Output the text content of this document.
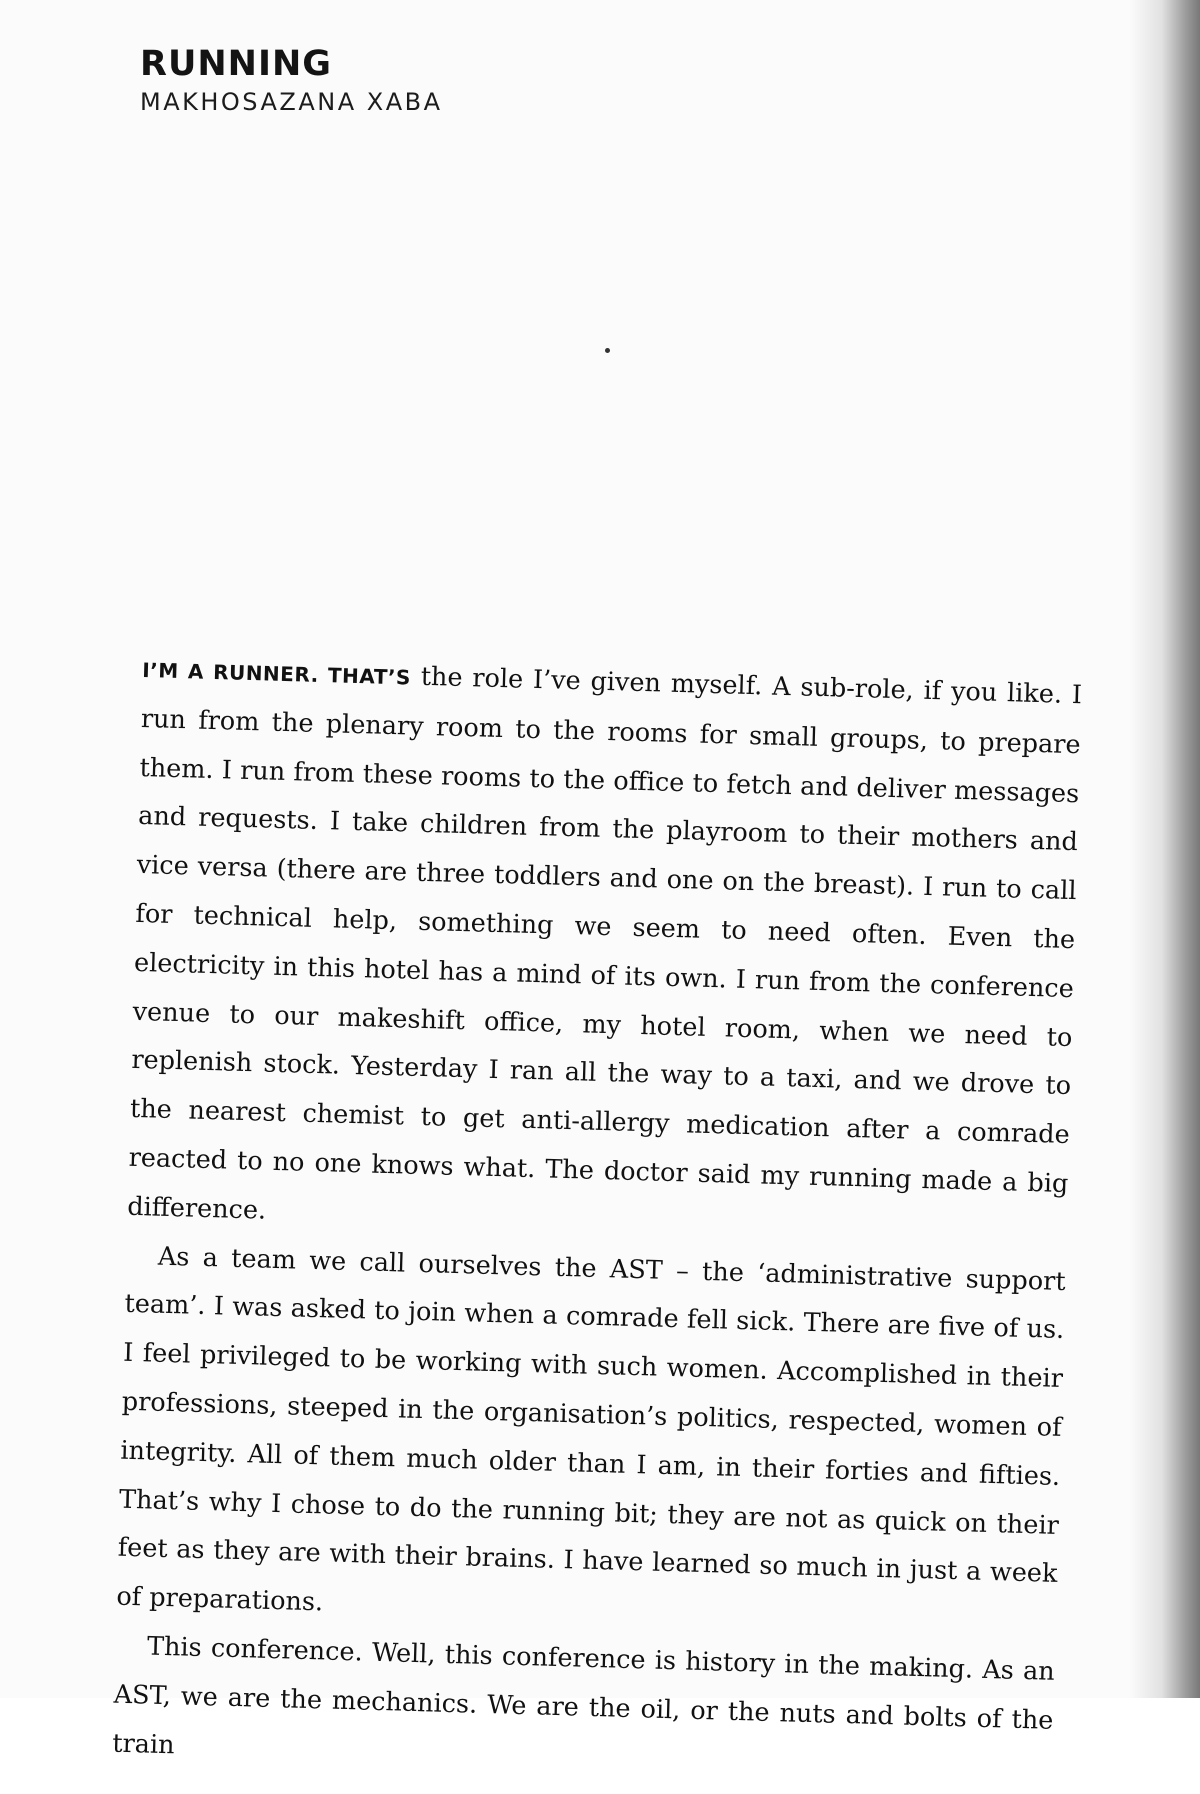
RUNNING
MAKHOSAZANA XABA

I’M A RUNNER. THAT’S the role I’ve given myself. A sub-role, if you like. I run from the plenary room to the rooms for small groups, to prepare them. I run from these rooms to the office to fetch and deliver messages and requests. I take children from the playroom to their mothers and vice versa (there are three toddlers and one on the breast). I run to call for technical help, something we seem to need often. Even the electricity in this hotel has a mind of its own. I run from the conference venue to our makeshift office, my hotel room, when we need to replenish stock. Yesterday I ran all the way to a taxi, and we drove to the nearest chemist to get anti-allergy medication after a comrade reacted to no one knows what. The doctor said my running made a big difference.

As a team we call ourselves the AST – the ‘administrative support team’. I was asked to join when a comrade fell sick. There are five of us. I feel privileged to be working with such women. Accomplished in their professions, steeped in the organisation’s politics, respected, women of integrity. All of them much older than I am, in their forties and fifties. That’s why I chose to do the running bit; they are not as quick on their feet as they are with their brains. I have learned so much in just a week of preparations.

This conference. Well, this conference is history in the making. As an AST, we are the mechanics. We are the oil, or the nuts and bolts of the train
